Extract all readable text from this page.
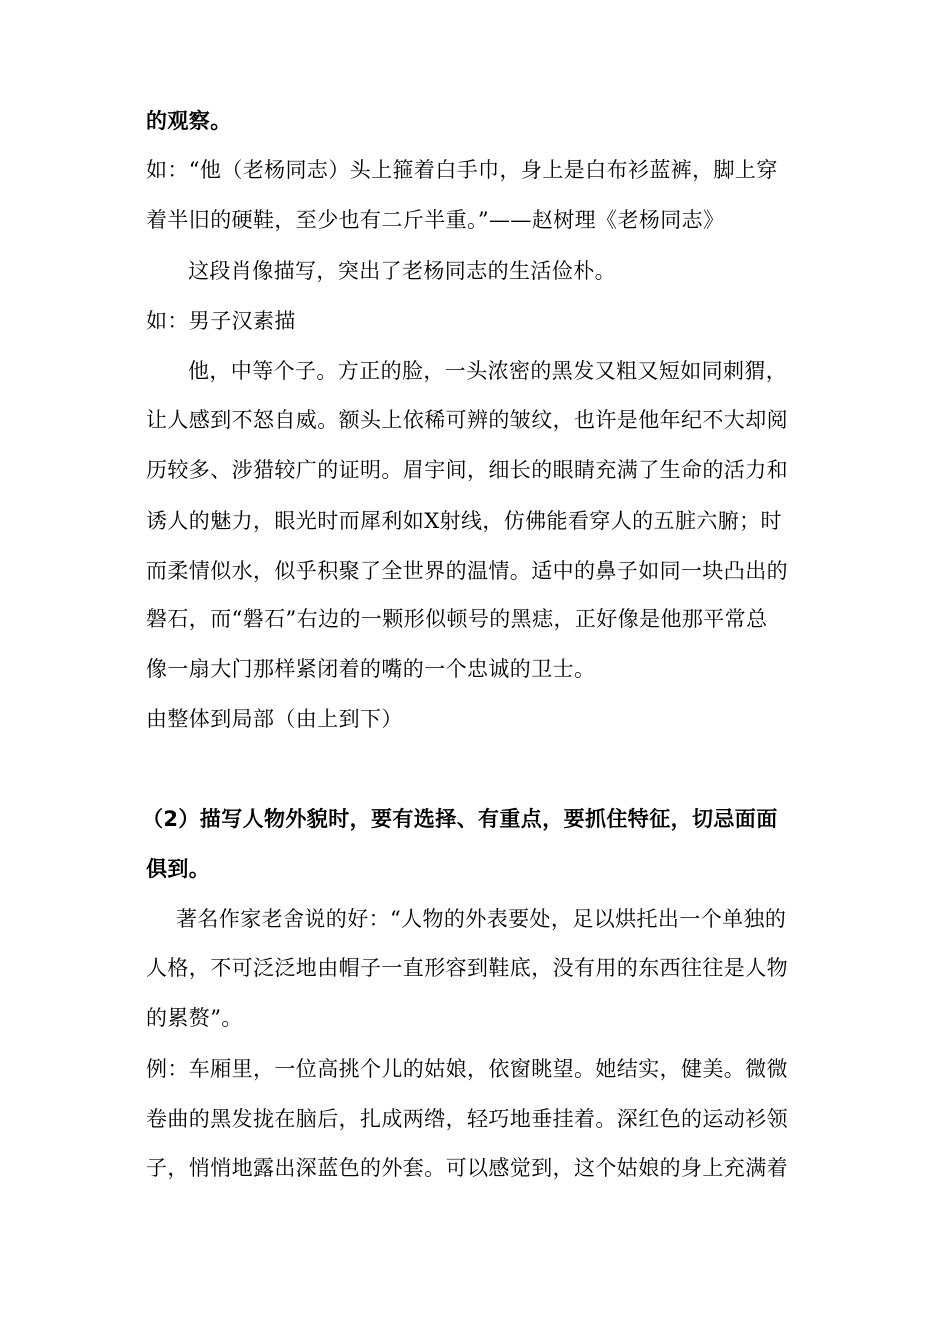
的观察。
如：“他（老杨同志）头上箍着白手巾，身上是白布衫蓝裤，脚上穿
着半旧的硬鞋，至少也有二斤半重。”——赵树理《老杨同志》
这段肖像描写，突出了老杨同志的生活俭朴。
如：男子汉素描
他，中等个子。方正的脸，一头浓密的黑发又粗又短如同刺猬，
让人感到不怒自威。额头上依稀可辨的皱纹，也许是他年纪不大却阅
历较多、涉猎较广的证明。眉宇间，细长的眼睛充满了生命的活力和
诱人的魅力，眼光时而犀利如X射线，仿佛能看穿人的五脏六腑；时
而柔情似水，似乎积聚了全世界的温情。适中的鼻子如同一块凸出的
磐石，而“磐石”右边的一颗形似顿号的黑痣，正好像是他那平常总
像一扇大门那样紧闭着的嘴的一个忠诚的卫士。
由整体到局部（由上到下）
（2）描写人物外貌时，要有选择、有重点，要抓住特征，切忌面面
俱到。
著名作家老舍说的好：“人物的外表要处，足以烘托出一个单独的
人格，不可泛泛地由帽子一直形容到鞋底，没有用的东西往往是人物
的累赘”。
例：车厢里，一位高挑个儿的姑娘，依窗眺望。她结实，健美。微微
卷曲的黑发拢在脑后，扎成两绺，轻巧地垂挂着。深红色的运动衫领
子，悄悄地露出深蓝色的外套。可以感觉到，这个姑娘的身上充满着
